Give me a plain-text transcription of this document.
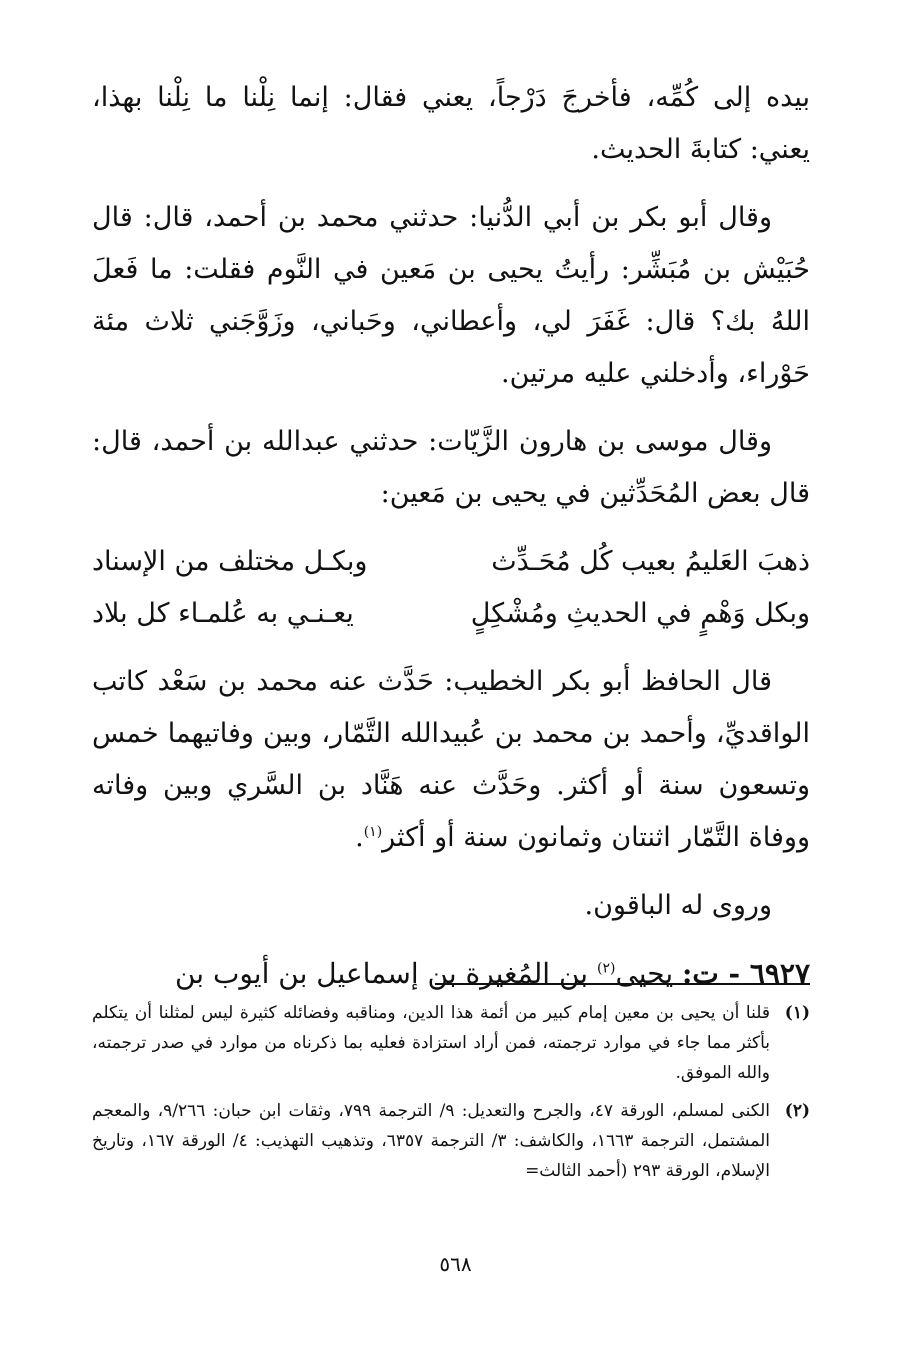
بيده إلى كُمِّه، فأخرجَ دَرْجاً، يعني فقال: إنما نِلْنا ما نِلْنا بهذا، يعني: كتابةَ الحديث.

وقال أبو بكر بن أبي الدُّنيا: حدثني محمد بن أحمد، قال: قال حُبَيْش بن مُبَشِّر: رأيتُ يحيى بن مَعين في النَّوم فقلت: ما فَعلَ اللهُ بك؟ قال: غَفَرَ لي، وأعطاني، وحَباني، وزَوَّجَني ثلاث مئة حَوْراء، وأدخلني عليه مرتين.

وقال موسى بن هارون الزَّيّات: حدثني عبدالله بن أحمد، قال: قال بعض المُحَدِّثين في يحيى بن مَعين:

ذهبَ العَليمُ بعيب كُل مُحَـدِّث
وبكـل مختلف من الإسناد
وبكل وَهْمٍ في الحديثِ ومُشْكِلٍ
يعـنـي به عُلمـاء كل بلاد

قال الحافظ أبو بكر الخطيب: حَدَّث عنه محمد بن سَعْد كاتب الواقديِّ، وأحمد بن محمد بن عُبيدالله التَّمّار، وبين وفاتيهما خمس وتسعون سنة أو أكثر. وحَدَّث عنه هَنَّاد بن السَّري وبين وفاته ووفاة التَّمّار اثنتان وثمانون سنة أو أكثر$^{(١)}$.

وروى له الباقون.

٦٩٢٧ - ت: يحيى$^{(٢)}$ بن المُغيرة بن إسماعيل بن أيوب بن

(١)
قلنا أن يحيى بن معين إمام كبير من أئمة هذا الدين، ومناقبه وفضائله كثيرة ليس لمثلنا أن يتكلم بأكثر مما جاء في موارد ترجمته، فمن أراد استزادة فعليه بما ذكرناه من موارد في صدر ترجمته، والله الموفق.
(٢)
الكنى لمسلم، الورقة ٤٧، والجرح والتعديل: ٩/ الترجمة ٧٩٩، وثقات ابن حبان: ٩/٢٦٦، والمعجم المشتمل، الترجمة ١٦٦٣، والكاشف: ٣/ الترجمة ٦٣٥٧، وتذهيب التهذيب: ٤/ الورقة ١٦٧، وتاريخ الإسلام، الورقة ٢٩٣ (أحمد الثالث=
٥٦٨
